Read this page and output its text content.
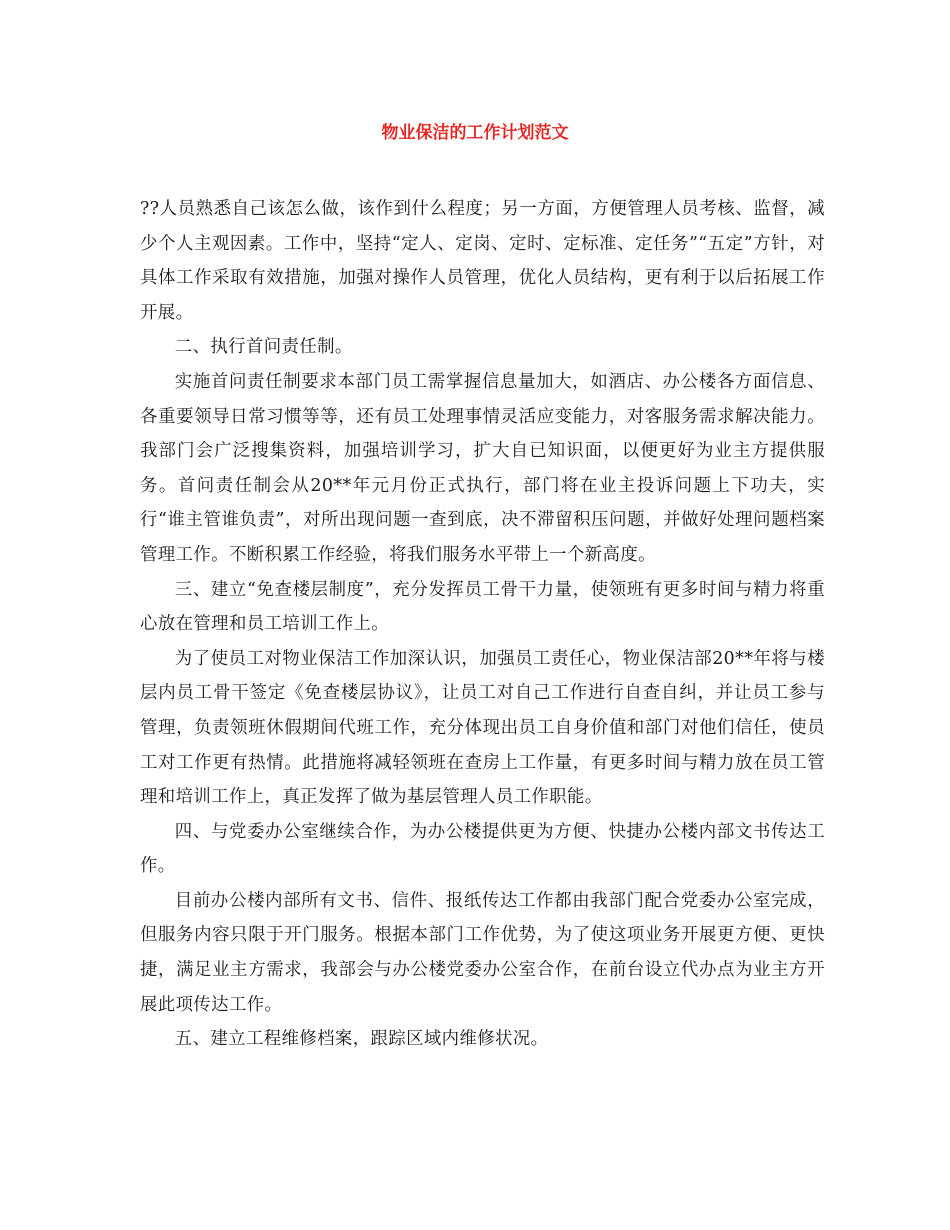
物业保洁的工作计划范文

??人员熟悉自己该怎么做，该作到什么程度；另一方面，方便管理人员考核、监督，减少个人主观因素。工作中，坚持“定人、定岗、定时、定标准、定任务”“五定”方针，对具体工作采取有效措施，加强对操作人员管理，优化人员结构，更有利于以后拓展工作开展。

二、执行首问责任制。

实施首问责任制要求本部门员工需掌握信息量加大，如酒店、办公楼各方面信息、各重要领导日常习惯等等，还有员工处理事情灵活应变能力，对客服务需求解决能力。我部门会广泛搜集资料，加强培训学习，扩大自已知识面，以便更好为业主方提供服务。首问责任制会从20**年元月份正式执行，部门将在业主投诉问题上下功夫，实行“谁主管谁负责”，对所出现问题一查到底，决不滞留积压问题，并做好处理问题档案管理工作。不断积累工作经验，将我们服务水平带上一个新高度。

三、建立“免查楼层制度”，充分发挥员工骨干力量，使领班有更多时间与精力将重心放在管理和员工培训工作上。

为了使员工对物业保洁工作加深认识，加强员工责任心，物业保洁部20**年将与楼层内员工骨干签定《免查楼层协议》，让员工对自己工作进行自查自纠，并让员工参与管理，负责领班休假期间代班工作，充分体现出员工自身价值和部门对他们信任，使员工对工作更有热情。此措施将减轻领班在查房上工作量，有更多时间与精力放在员工管理和培训工作上，真正发挥了做为基层管理人员工作职能。

四、与党委办公室继续合作，为办公楼提供更为方便、快捷办公楼内部文书传达工作。

目前办公楼内部所有文书、信件、报纸传达工作都由我部门配合党委办公室完成，但服务内容只限于开门服务。根据本部门工作优势，为了使这项业务开展更方便、更快捷，满足业主方需求，我部会与办公楼党委办公室合作，在前台设立代办点为业主方开展此项传达工作。

五、建立工程维修档案，跟踪区域内维修状况。
